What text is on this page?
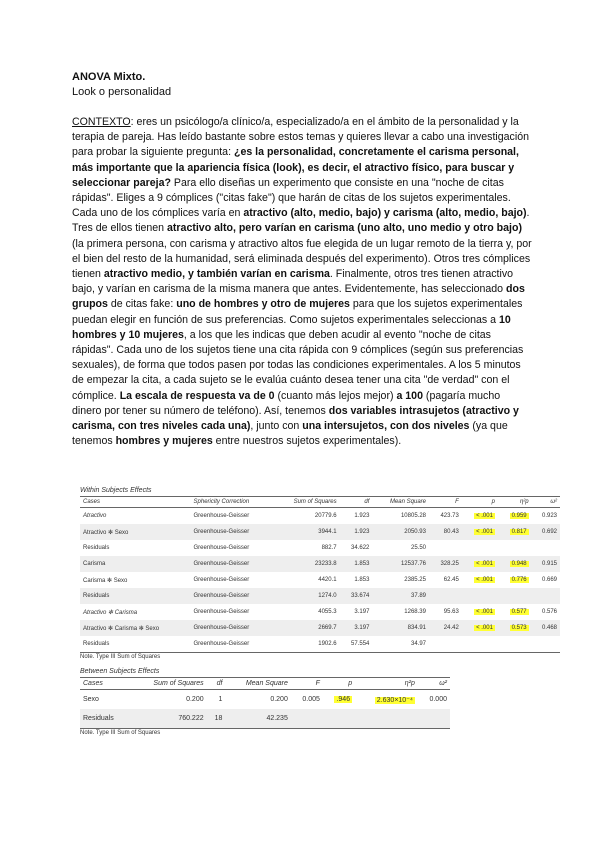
ANOVA Mixto.
Look o personalidad
CONTEXTO: eres un psicólogo/a clínico/a, especializado/a en el ámbito de la personalidad y la terapia de pareja. Has leído bastante sobre estos temas y quieres llevar a cabo una investigación para probar la siguiente pregunta: ¿es la personalidad, concretamente el carisma personal, más importante que la apariencia física (look), es decir, el atractivo físico, para buscar y seleccionar pareja? Para ello diseñas un experimento que consiste en una "noche de citas rápidas". Eliges a 9 cómplices ("citas fake") que harán de citas de los sujetos experimentales. Cada uno de los cómplices varía en atractivo (alto, medio, bajo) y carisma (alto, medio, bajo). Tres de ellos tienen atractivo alto, pero varían en carisma (uno alto, uno medio y otro bajo) (la primera persona, con carisma y atractivo altos fue elegida de un lugar remoto de la tierra y, por el bien del resto de la humanidad, será eliminada después del experimento). Otros tres cómplices tienen atractivo medio, y también varían en carisma. Finalmente, otros tres tienen atractivo bajo, y varían en carisma de la misma manera que antes. Evidentemente, has seleccionado dos grupos de citas fake: uno de hombres y otro de mujeres para que los sujetos experimentales puedan elegir en función de sus preferencias. Como sujetos experimentales seleccionas a 10 hombres y 10 mujeres, a los que les indicas que deben acudir al evento "noche de citas rápidas". Cada uno de los sujetos tiene una cita rápida con 9 cómplices (según sus preferencias sexuales), de forma que todos pasen por todas las condiciones experimentales. A los 5 minutos de empezar la cita, a cada sujeto se le evalúa cuánto desea tener una cita "de verdad" con el cómplice. La escala de respuesta va de 0 (cuanto más lejos mejor) a 100 (pagaría mucho dinero por tener su número de teléfono). Así, tenemos dos variables intrasujetos (atractivo y carisma, con tres niveles cada una), junto con una intersujetos, con dos niveles (ya que tenemos hombres y mujeres entre nuestros sujetos experimentales).
Within Subjects Effects
Cases	Sphericity Correction	Sum of Squares	df	Mean Square	F	p	η²p	ω²
Atractivo	Greenhouse-Geisser	20779.6	1.923	10805.28	423.73	< .001	0.959	0.923
Atractivo ✻ Sexo	Greenhouse-Geisser	3944.1	1.923	2050.93	80.43	< .001	0.817	0.692
Residuals	Greenhouse-Geisser	882.7	34.622	25.50				
Carisma	Greenhouse-Geisser	23233.8	1.853	12537.76	328.25	< .001	0.948	0.915
Carisma ✻ Sexo	Greenhouse-Geisser	4420.1	1.853	2385.25	62.45	< .001	0.776	0.669
Residuals	Greenhouse-Geisser	1274.0	33.674	37.89				
Atractivo ✻ Carisma	Greenhouse-Geisser	4055.3	3.197	1268.39	95.63	< .001	0.577	0.576
Atractivo ✻ Carisma ✻ Sexo	Greenhouse-Geisser	2669.7	3.197	834.91	24.42	< .001	0.573	0.468
Residuals	Greenhouse-Geisser	1902.6	57.554	34.97				
Note. Type III Sum of Squares
Between Subjects Effects
Cases	Sum of Squares	df	Mean Square	F	p	η²p	ω²
Sexo	0.200	1	0.200	0.005	.946	2.630×10⁻⁴	0.000
Residuals	760.222	18	42.235				
Note. Type III Sum of Squares
